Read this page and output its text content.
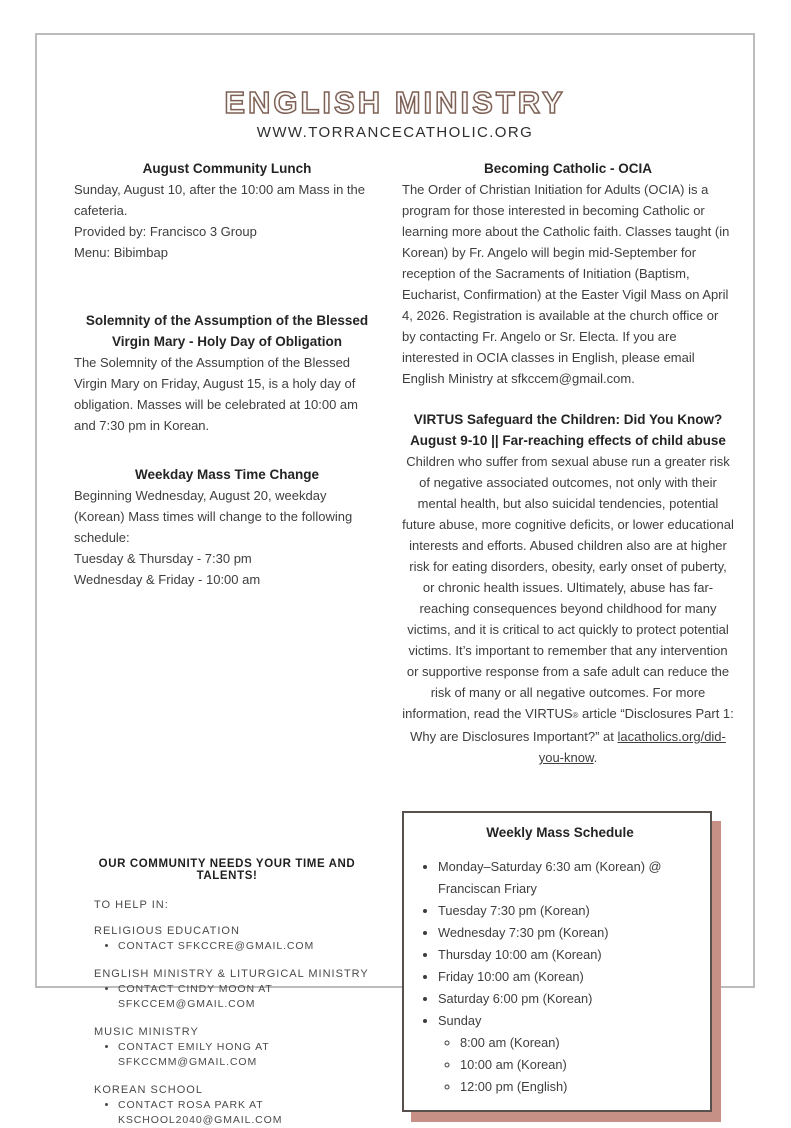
ENGLISH MINISTRY
WWW.TORRANCECATHOLIC.ORG
August Community Lunch

Sunday, August 10, after the 10:00 am Mass in the cafeteria.

Provided by: Francisco 3 Group

Menu: Bibimbap

Solemnity of the Assumption of the Blessed Virgin Mary - Holy Day of Obligation

The Solemnity of the Assumption of the Blessed Virgin Mary on Friday, August 15, is a holy day of obligation. Masses will be celebrated at 10:00 am and 7:30 pm in Korean.

Weekday Mass Time Change

Beginning Wednesday, August 20, weekday (Korean) Mass times will change to the following schedule:

Tuesday & Thursday - 7:30 pm

Wednesday & Friday - 10:00 am

Becoming Catholic - OCIA

The Order of Christian Initiation for Adults (OCIA) is a program for those interested in becoming Catholic or learning more about the Catholic faith. Classes taught (in Korean) by Fr. Angelo will begin mid-September for reception of the Sacraments of Initiation (Baptism, Eucharist, Confirmation) at the Easter Vigil Mass on April 4, 2026. Registration is available at the church office or by contacting Fr. Angelo or Sr. Electa. If you are interested in OCIA classes in English, please email English Ministry at sfkccem@gmail.com.

VIRTUS Safeguard the Children: Did You Know?
August 9-10 || Far-reaching effects of child abuse

Children who suffer from sexual abuse run a greater risk of negative associated outcomes, not only with their mental health, but also suicidal tendencies, potential future abuse, more cognitive deficits, or lower educational interests and efforts. Abused children also are at higher risk for eating disorders, obesity, early onset of puberty, or chronic health issues. Ultimately, abuse has far-reaching consequences beyond childhood for many victims, and it is critical to act quickly to protect potential victims. It’s important to remember that any intervention or supportive response from a safe adult can reduce the risk of many or all negative outcomes. For more information, read the VIRTUS® article “Disclosures Part 1: Why are Disclosures Important?” at lacatholics.org/did-you-know.

OUR COMMUNITY NEEDS YOUR TIME AND TALENTS!
TO HELP IN:
RELIGIOUS EDUCATION
• CONTACT SFKCCRE@GMAIL.COM
ENGLISH MINISTRY & LITURGICAL MINISTRY
• CONTACT CINDY MOON AT SFKCCEM@GMAIL.COM
MUSIC MINISTRY
• CONTACT EMILY HONG AT SFKCCMM@GMAIL.COM
KOREAN SCHOOL
• CONTACT ROSA PARK AT KSCHOOL2040@GMAIL.COM
Weekly Mass Schedule
• Monday–Saturday 6:30 am (Korean) @ Franciscan Friary
• Tuesday 7:30 pm (Korean)
• Wednesday 7:30 pm (Korean)
• Thursday 10:00 am (Korean)
• Friday 10:00 am (Korean)
• Saturday 6:00 pm (Korean)
• Sunday
◦ 8:00 am (Korean)
◦ 10:00 am (Korean)
◦ 12:00 pm (English)
